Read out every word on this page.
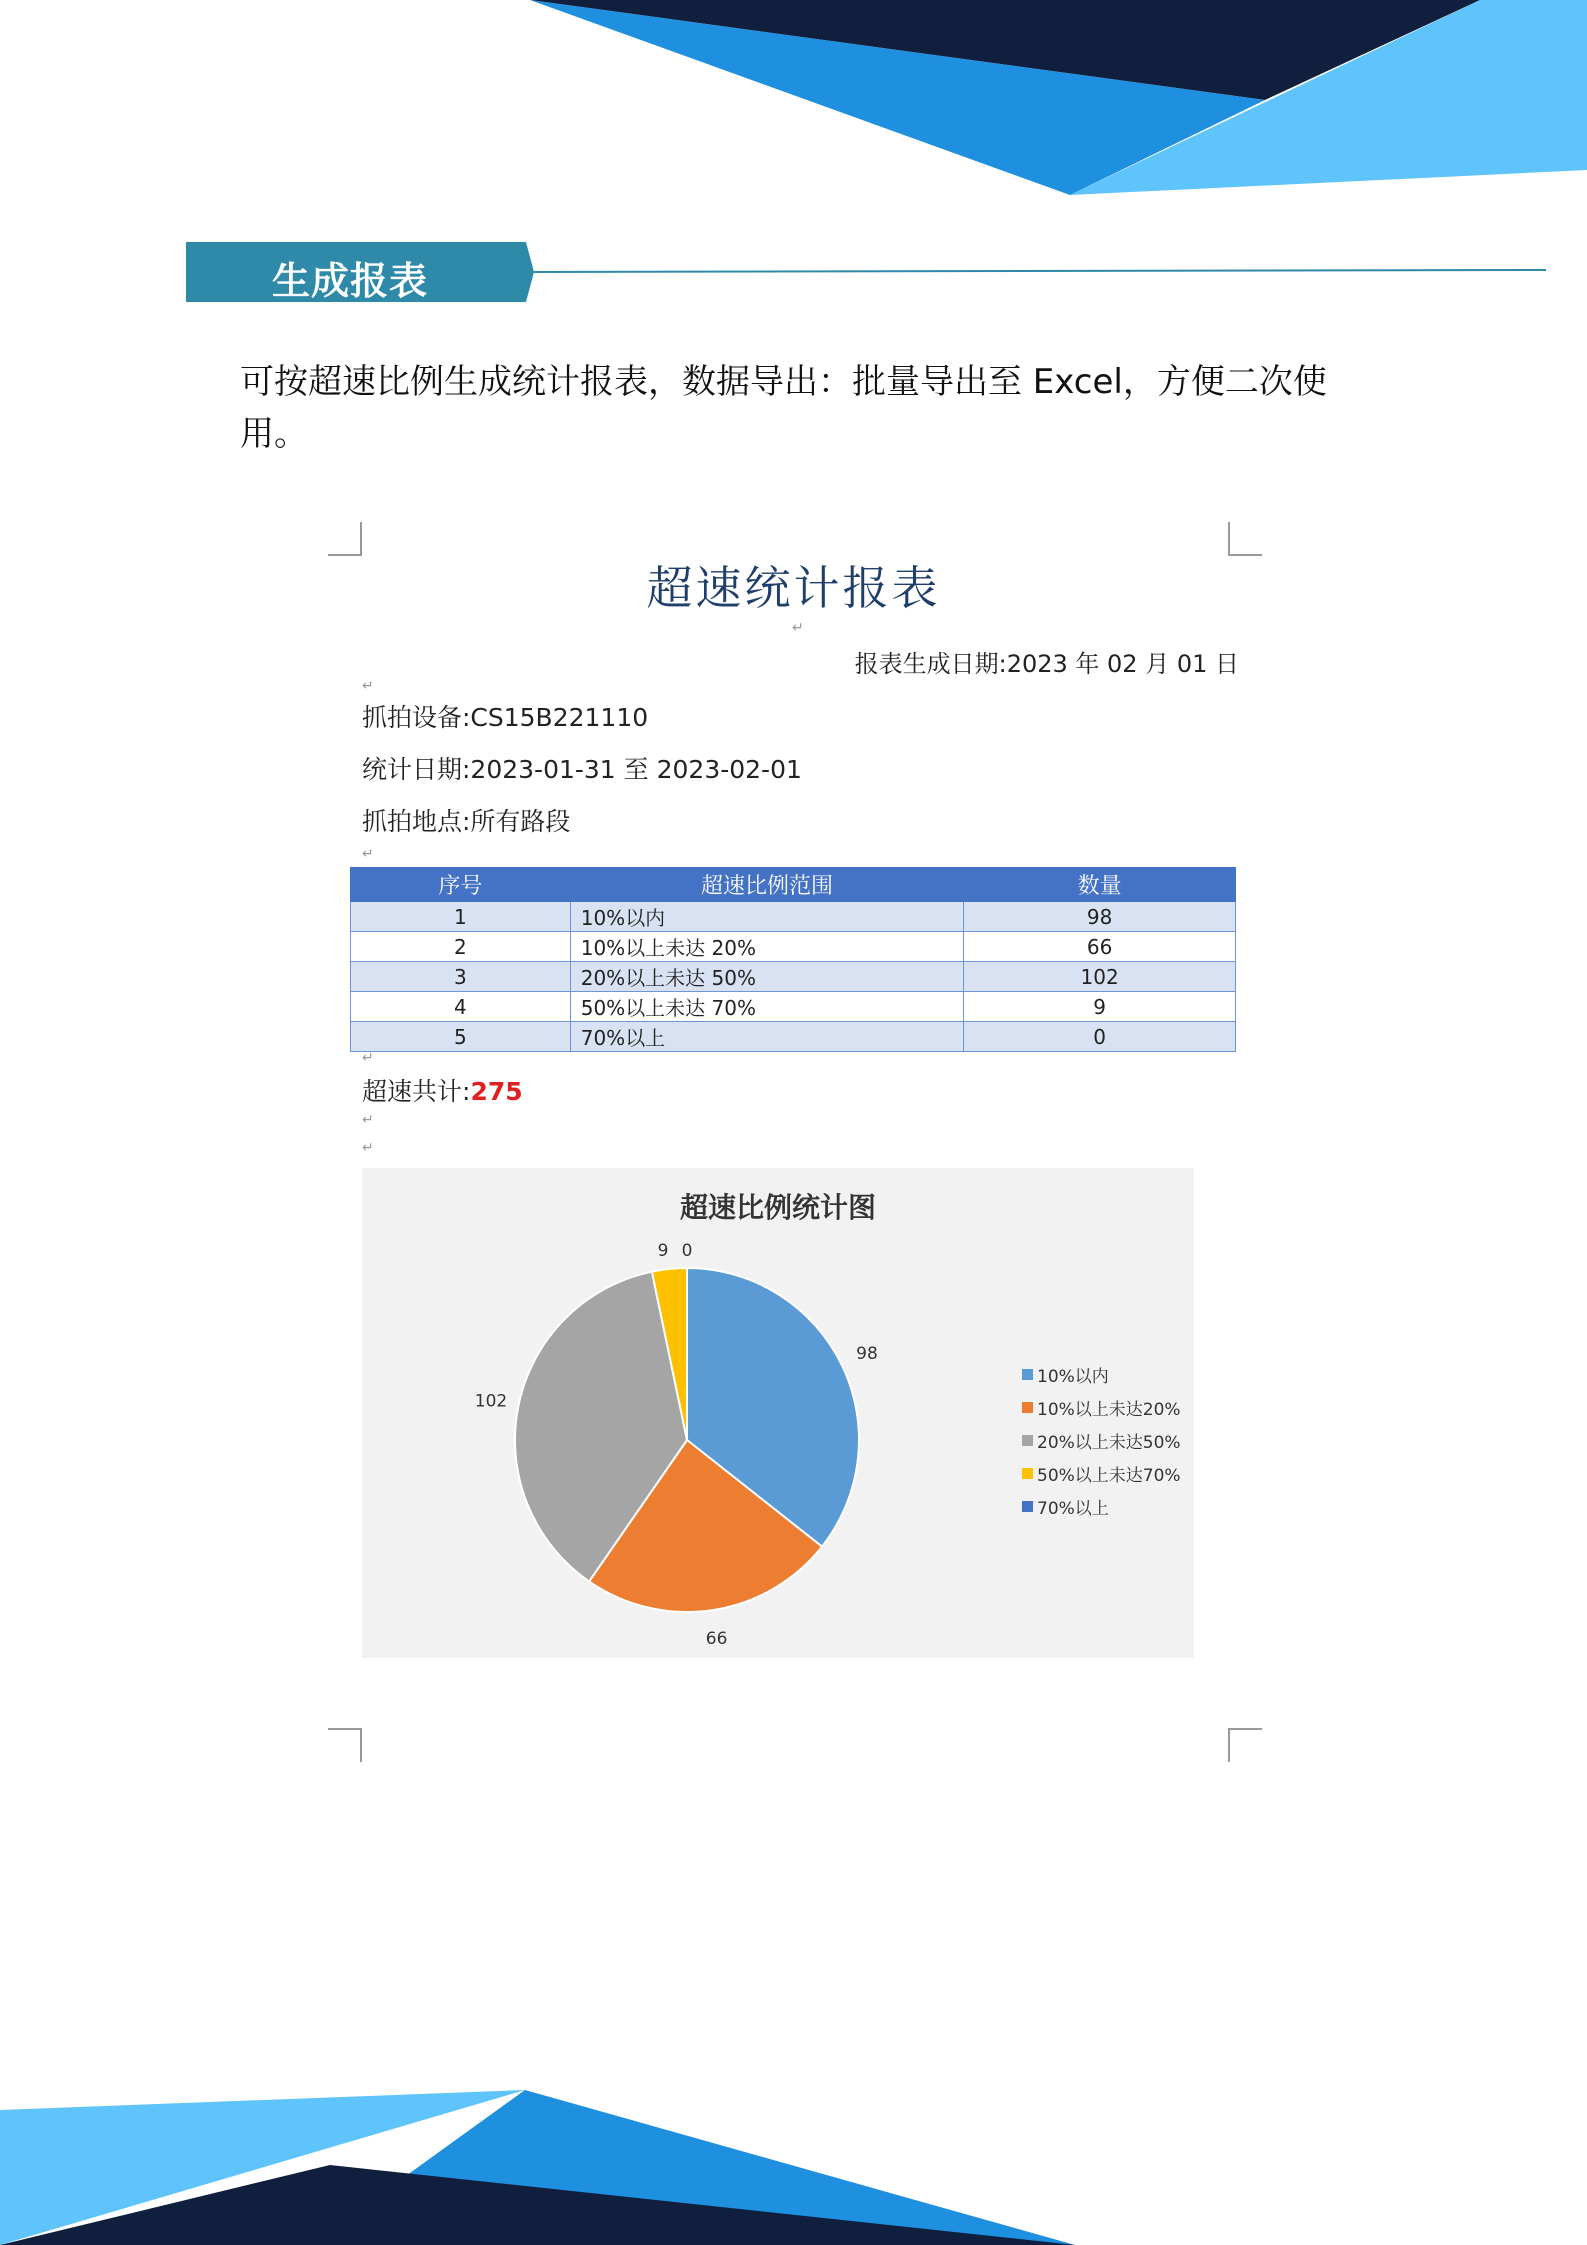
生成报表
可按超速比例生成统计报表，数据导出：批量导出至 Excel，方便二次使用。
超速统计报表
↵
报表生成日期:2023 年 02 月 01 日
↵
抓拍设备:CS15B221110
统计日期:2023-01-31 至 2023-02-01
抓拍地点:所有路段
↵
序号	超速比例范围	数量
1	10%以内	98
2	10%以上未达 20%	66
3	20%以上未达 50%	102
4	50%以上未达 70%	9
5	70%以上	0
↵
超速共计:275
↵
↵
超速比例统计图
98
66
102
9 0
10%以内
10%以上未达20%
20%以上未达50%
50%以上未达70%
70%以上
